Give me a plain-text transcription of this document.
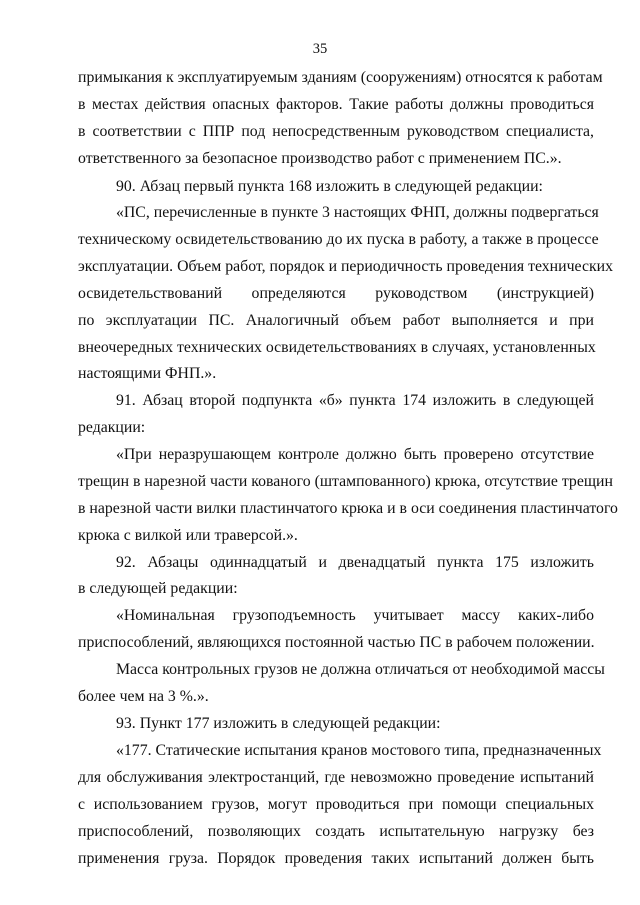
35
примыкания к эксплуатируемым зданиям (сооружениям) относятся к работам
в местах действия опасных факторов. Такие работы должны проводиться
в соответствии с ППР под непосредственным руководством специалиста,
ответственного за безопасное производство работ с применением ПС.».
90. Абзац первый пункта 168 изложить в следующей редакции:
«ПС, перечисленные в пункте 3 настоящих ФНП, должны подвергаться
техническому освидетельствованию до их пуска в работу, а также в процессе
эксплуатации. Объем работ, порядок и периодичность проведения технических
освидетельствований определяются руководством (инструкцией)
по эксплуатации ПС. Аналогичный объем работ выполняется и при
внеочередных технических освидетельствованиях в случаях, установленных
настоящими ФНП.».
91. Абзац второй подпункта «б» пункта 174 изложить в следующей
редакции:
«При неразрушающем контроле должно быть проверено отсутствие
трещин в нарезной части кованого (штампованного) крюка, отсутствие трещин
в нарезной части вилки пластинчатого крюка и в оси соединения пластинчатого
крюка с вилкой или траверсой.».
92. Абзацы одиннадцатый и двенадцатый пункта 175 изложить
в следующей редакции:
«Номинальная грузоподъемность учитывает массу каких-либо
приспособлений, являющихся постоянной частью ПС в рабочем положении.
Масса контрольных грузов не должна отличаться от необходимой массы
более чем на 3 %.».
93. Пункт 177 изложить в следующей редакции:
«177. Статические испытания кранов мостового типа, предназначенных
для обслуживания электростанций, где невозможно проведение испытаний
с использованием грузов, могут проводиться при помощи специальных
приспособлений, позволяющих создать испытательную нагрузку без
применения груза. Порядок проведения таких испытаний должен быть
